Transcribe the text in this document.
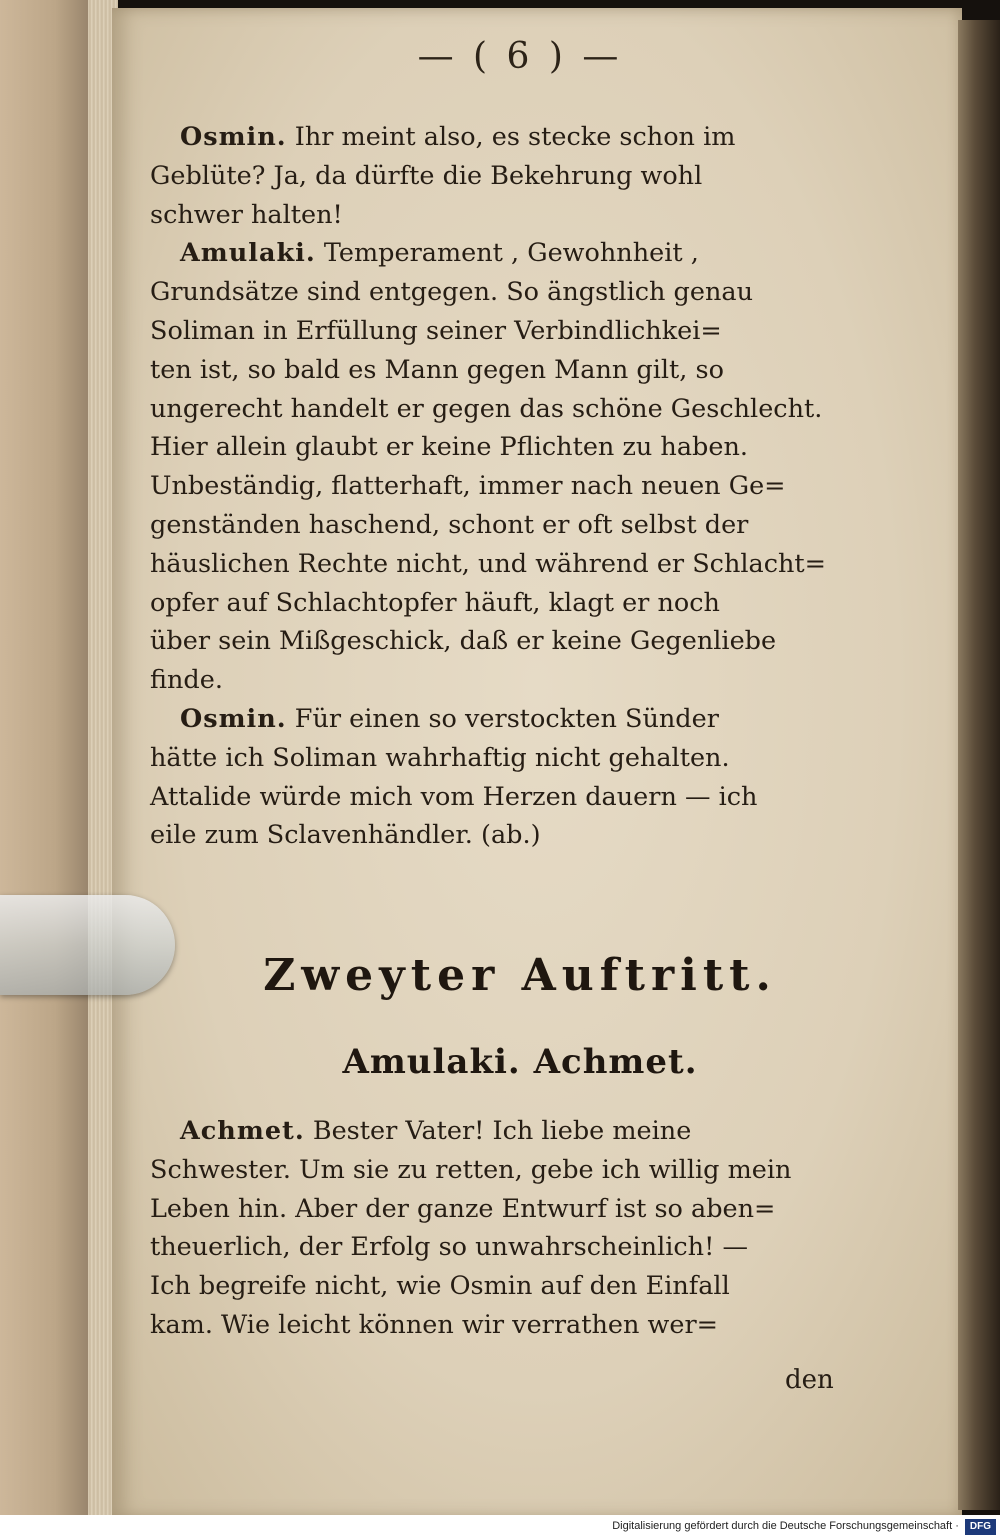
— ( 6 ) —

Osmin. Ihr meint also, es stecke schon im
Geblüte? Ja, da dürfte die Bekehrung wohl
schwer halten!

Amulaki. Temperament , Gewohnheit ,
Grundsätze sind entgegen. So ängstlich genau
Soliman in Erfüllung seiner Verbindlichkei=
ten ist, so bald es Mann gegen Mann gilt, so
ungerecht handelt er gegen das schöne Geschlecht.
Hier allein glaubt er keine Pflichten zu haben.
Unbeständig, flatterhaft, immer nach neuen Ge=
genständen haschend, schont er oft selbst der
häuslichen Rechte nicht, und während er Schlacht=
opfer auf Schlachtopfer häuft, klagt er noch
über sein Mißgeschick, daß er keine Gegenliebe
finde.

Osmin. Für einen so verstockten Sünder
hätte ich Soliman wahrhaftig nicht gehalten.
Attalide würde mich vom Herzen dauern — ich
eile zum Sclavenhändler. (ab.)

Zweyter Auftritt.
Amulaki. Achmet.

Achmet. Bester Vater! Ich liebe meine
Schwester. Um sie zu retten, gebe ich willig mein
Leben hin. Aber der ganze Entwurf ist so aben=
theuerlich, der Erfolg so unwahrscheinlich! —
Ich begreife nicht, wie Osmin auf den Einfall
kam. Wie leicht können wir verrathen wer=

den
Digitalisierung gefördert durch die Deutsche Forschungsgemeinschaft · DFG
